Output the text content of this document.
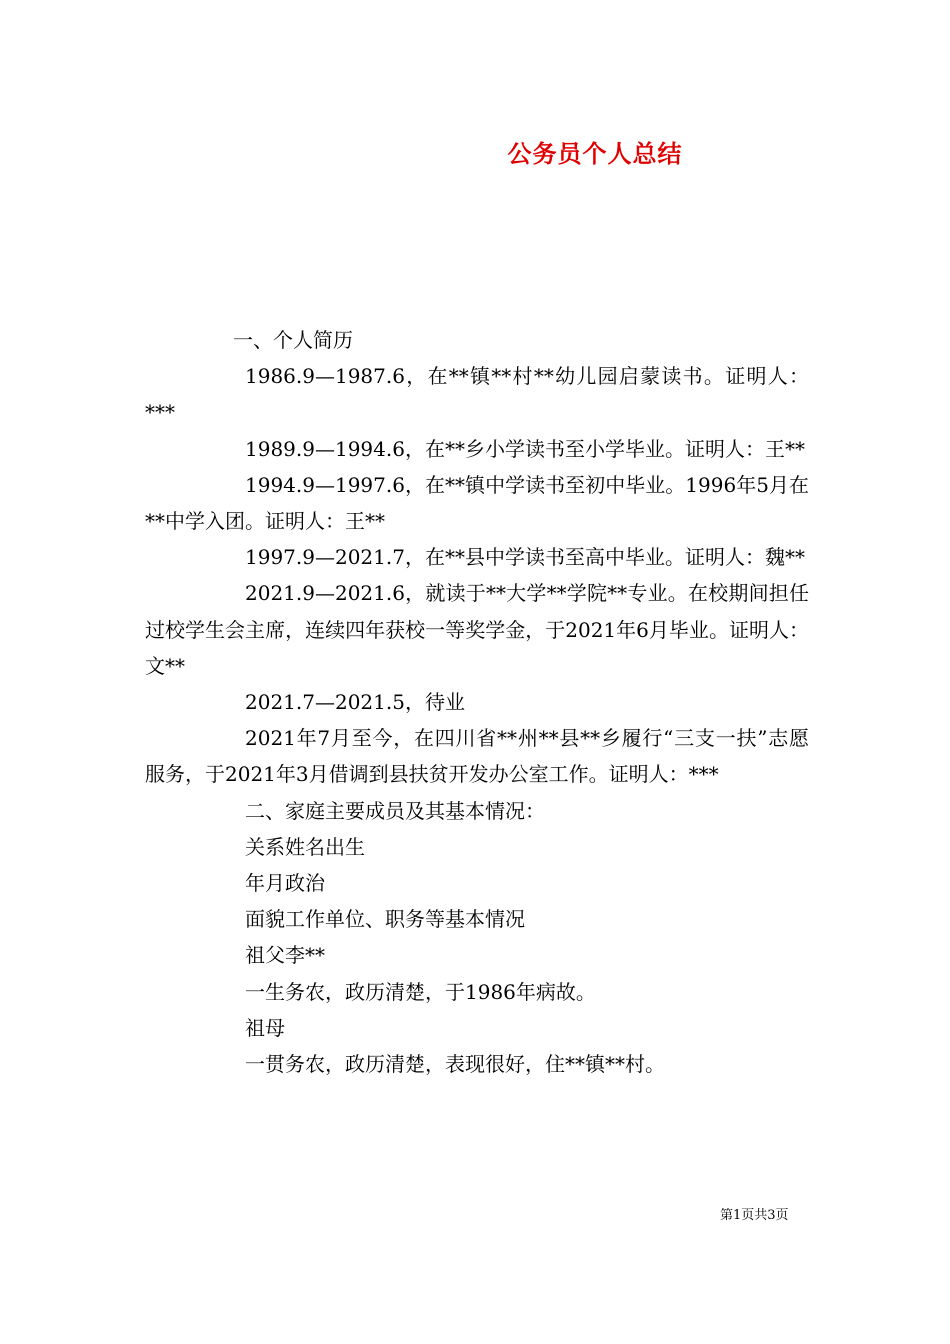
公务员个人总结

一、个人简历

1986.9—1987.6，在**镇**村**幼儿园启蒙读书。证明人：***

1989.9—1994.6，在**乡小学读书至小学毕业。证明人：王**

1994.9—1997.6，在**镇中学读书至初中毕业。1996年5月在**中学入团。证明人：王**

1997.9—2021.7，在**县中学读书至高中毕业。证明人：魏**

2021.9—2021.6，就读于**大学**学院**专业。在校期间担任过校学生会主席，连续四年获校一等奖学金，于2021年6月毕业。证明人：文**

2021.7—2021.5，待业

2021年7月至今，在四川省**州**县**乡履行“三支一扶”志愿服务，于2021年3月借调到县扶贫开发办公室工作。证明人：***

二、家庭主要成员及其基本情况：

关系姓名出生

年月政治

面貌工作单位、职务等基本情况

祖父李**

一生务农，政历清楚，于1986年病故。

祖母

一贯务农，政历清楚，表现很好，住**镇**村。

第1页共3页
